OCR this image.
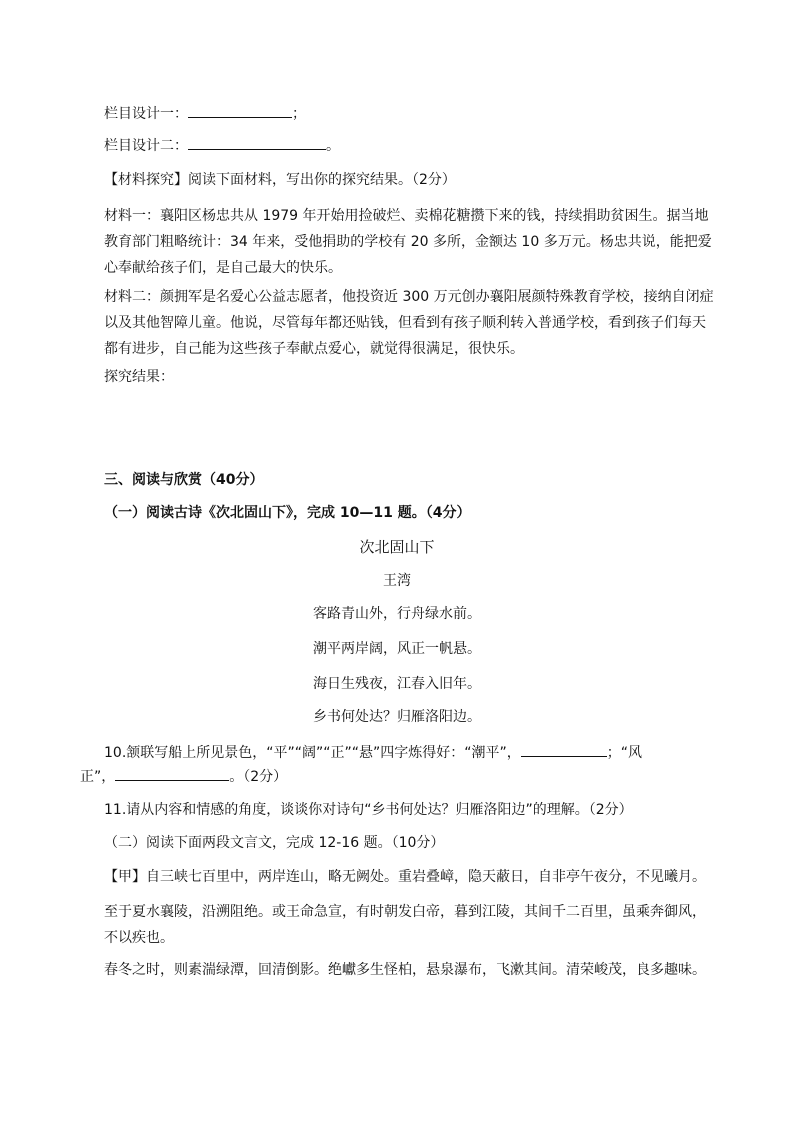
栏目设计一：	；
栏目设计二：	。
【材料探究】阅读下面材料，写出你的探究结果。（2分）
材料一：襄阳区杨忠共从 1979 年开始用捡破烂、卖棉花糖攒下来的钱，持续捐助贫困生。据当地教育部门粗略统计：34 年来，受他捐助的学校有 20 多所，金额达 10 多万元。杨忠共说，能把爱心奉献给孩子们，是自己最大的快乐。
材料二：颜拥军是名爱心公益志愿者，他投资近 300 万元创办襄阳展颜特殊教育学校，接纳自闭症以及其他智障儿童。他说，尽管每年都还贴钱，但看到有孩子顺利转入普通学校，看到孩子们每天都有进步，自己能为这些孩子奉献点爱心，就觉得很满足，很快乐。
探究结果：
三、阅读与欣赏（40分）
（一）阅读古诗《次北固山下》，完成 10—11 题。（4分）
次北固山下
王湾
客路青山外，行舟绿水前。
潮平两岸阔，风正一帆悬。
海日生残夜，江春入旧年。
乡书何处达？归雁洛阳边。
10.颔联写船上所见景色，“平”“阔”“正”“悬”四字炼得好：“潮平”，	；“风
正”，	。（2分）
11.请从内容和情感的角度，谈谈你对诗句“乡书何处达？归雁洛阳边”的理解。（2分）
（二）阅读下面两段文言文，完成 12-16 题。（10分）
【甲】自三峡七百里中，两岸连山，略无阙处。重岩叠嶂，隐天蔽日，自非亭午夜分，不见曦月。
至于夏水襄陵，沿溯阻绝。或王命急宣，有时朝发白帝，暮到江陵，其间千二百里，虽乘奔御风，不以疾也。
春冬之时，则素湍绿潭，回清倒影。绝巘多生怪柏，悬泉瀑布，飞漱其间。清荣峻茂，良多趣味。
